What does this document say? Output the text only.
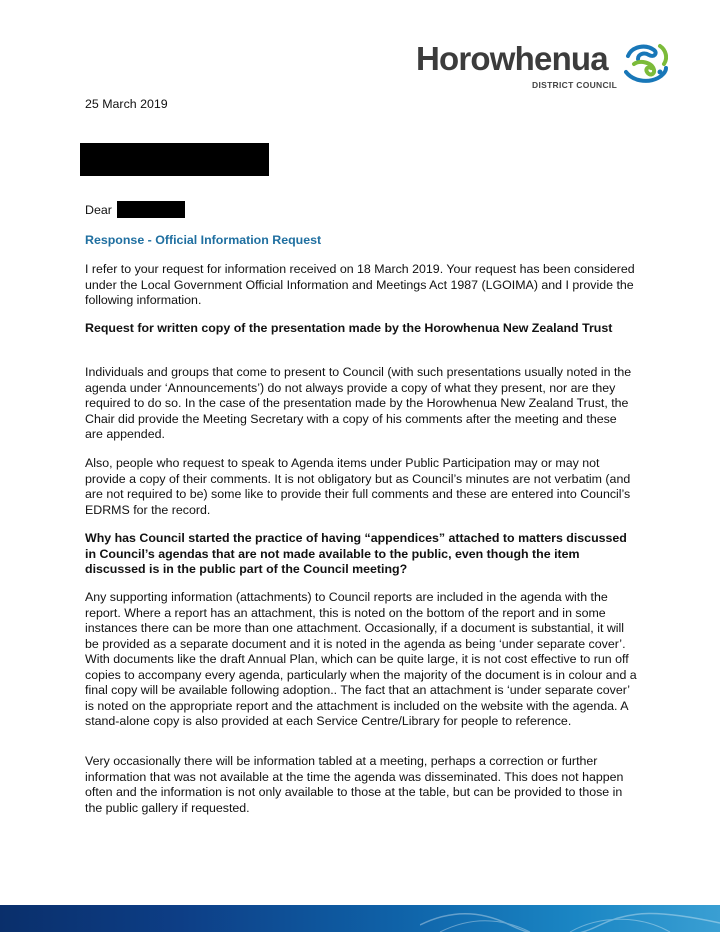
Horowhenua
DISTRICT COUNCIL
25 March 2019
Dear
Response - Official Information Request

I refer to your request for information received on 18 March 2019. Your request has been considered under the Local Government Official Information and Meetings Act 1987 (LGOIMA) and I provide the following information.

Request for written copy of the presentation made by the Horowhenua New Zealand Trust

Individuals and groups that come to present to Council (with such presentations usually noted in the agenda under ‘Announcements’) do not always provide a copy of what they present, nor are they required to do so. In the case of the presentation made by the Horowhenua New Zealand Trust, the Chair did provide the Meeting Secretary with a copy of his comments after the meeting and these are appended.

Also, people who request to speak to Agenda items under Public Participation may or may not provide a copy of their comments. It is not obligatory but as Council’s minutes are not verbatim (and are not required to be) some like to provide their full comments and these are entered into Council’s EDRMS for the record.

Why has Council started the practice of having “appendices” attached to matters discussed in Council’s agendas that are not made available to the public, even though the item discussed is in the public part of the Council meeting?

Any supporting information (attachments) to Council reports are included in the agenda with the report. Where a report has an attachment, this is noted on the bottom of the report and in some instances there can be more than one attachment. Occasionally, if a document is substantial, it will be provided as a separate document and it is noted in the agenda as being ‘under separate cover’. With documents like the draft Annual Plan, which can be quite large, it is not cost effective to run off copies to accompany every agenda, particularly when the majority of the document is in colour and a final copy will be available following adoption.. The fact that an attachment is ‘under separate cover’ is noted on the appropriate report and the attachment is included on the website with the agenda. A stand-alone copy is also provided at each Service Centre/Library for people to reference.

Very occasionally there will be information tabled at a meeting, perhaps a correction or further information that was not available at the time the agenda was disseminated. This does not happen often and the information is not only available to those at the table, but can be provided to those in the public gallery if requested.
